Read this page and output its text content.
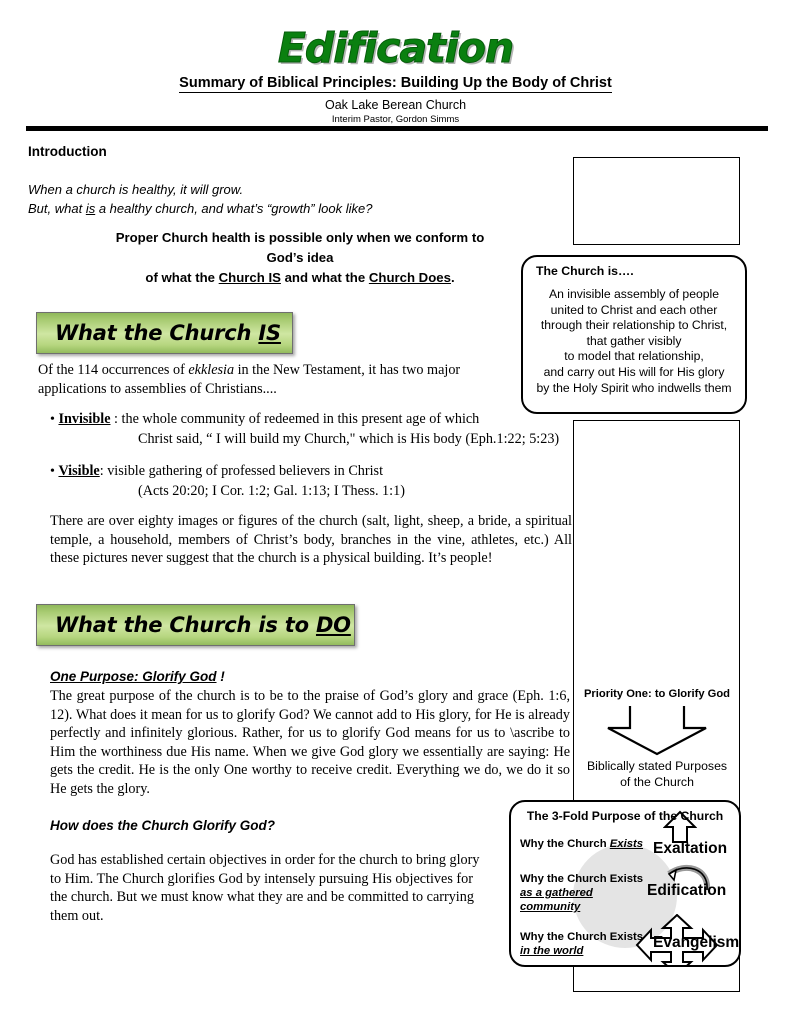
Edification
Summary of Biblical Principles: Building Up the Body of Christ
Oak Lake Berean Church
Interim Pastor, Gordon Simms
Introduction
When a church is healthy, it will grow.
But, what is a healthy church, and what’s “growth” look like?
Proper Church health is possible only when we conform to
God’s idea
of what the Church IS and what the Church Does.	The Church is….
An invisible assembly of people
united to Christ and each other
through their relationship to Christ,
that gather visibly
to model that relationship,
and carry out His will for His glory
by the Holy Spirit who indwells them
What the Church IS
Of the 114 occurrences of ekklesia in the New Testament, it has two major applications to assemblies of Christians....
• Invisible : the whole community of redeemed in this present age of which
Christ said, “ I will build my Church," which is His body (Eph.1:22; 5:23)
• Visible: visible gathering of professed believers in Christ
(Acts 20:20; I Cor. 1:2; Gal. 1:13; I Thess. 1:1)
There are over eighty images or figures of the church (salt, light, sheep, a bride, a spiritual temple, a household, members of Christ’s body, branches in the vine, athletes, etc.) All these pictures never suggest that the church is a physical building. It’s people!
What the Church is to DO
One Purpose: Glorify God !
The great purpose of the church is to be to the praise of God’s glory and grace (Eph. 1:6, 12). What does it mean for us to glorify God? We cannot add to His glory, for He is already perfectly and infinitely glorious. Rather, for us to glorify God means for us to \ascribe to Him the worthiness due His name. When we give God glory we essentially are saying: He gets the credit. He is the only One worthy to receive credit. Everything we do, we do it so He gets the glory.
Priority One: to Glorify God
Biblically stated Purposes
of the Church
How does the Church Glorify God?
God has established certain objectives in order for the church to bring glory to Him. The Church glorifies God by intensely pursuing His objectives for the church. But we must know what they are and be committed to carrying them out.
The 3-Fold Purpose of the Church
Why the Church Exists Exaltation
Why the Church Exists
as a gathered
community
Edification
Why the Church Exists
in the world	Evangelism
